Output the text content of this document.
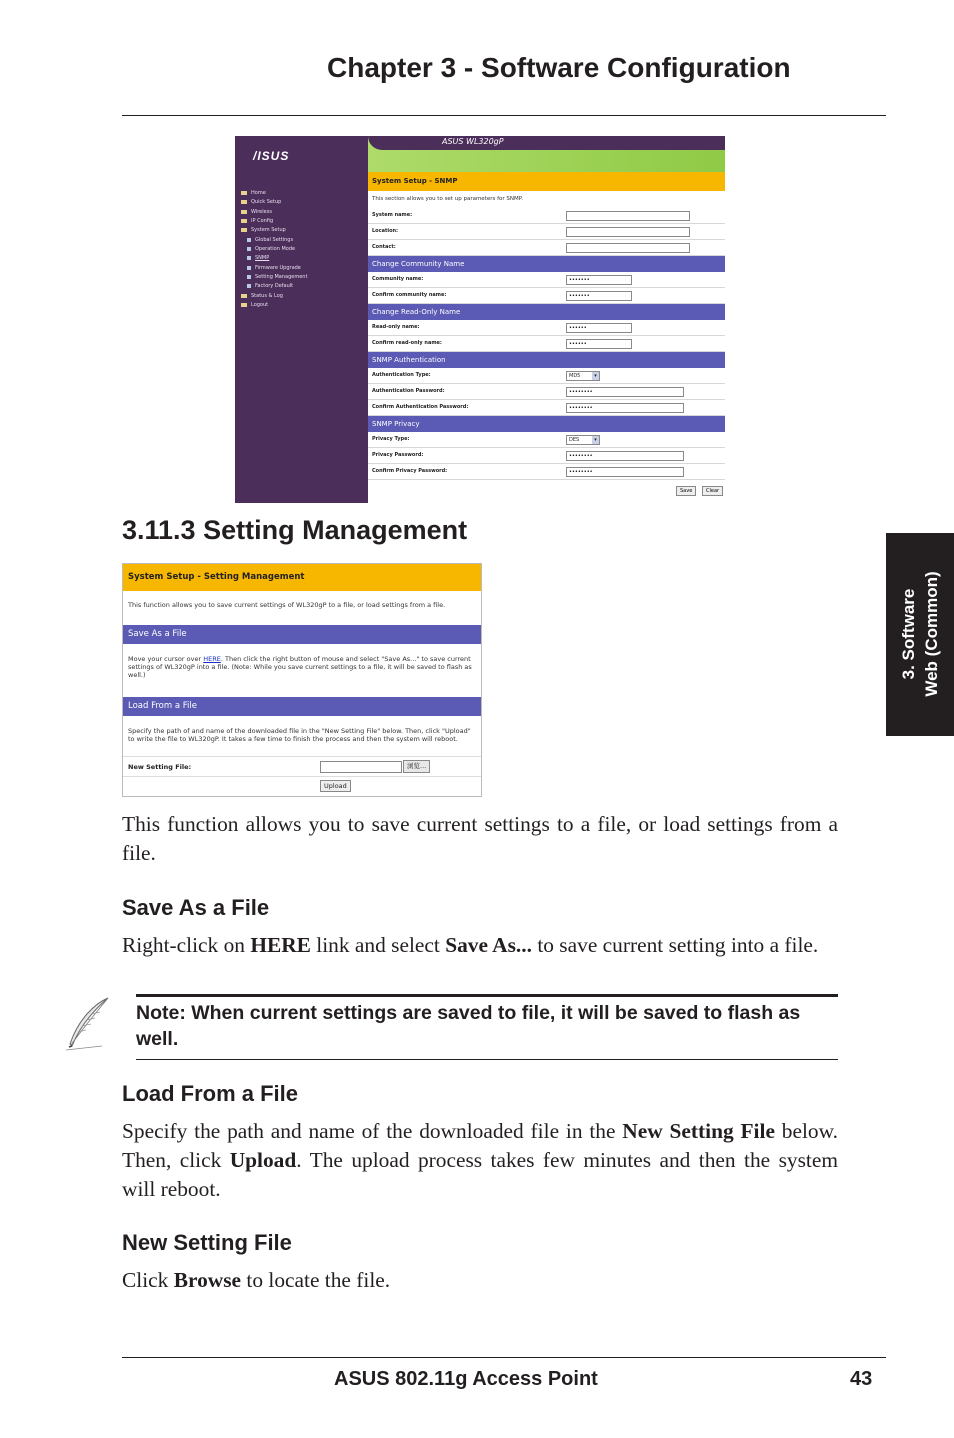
Chapter 3 - Software Configuration
/ISUS
Home
Quick Setup
Wireless
IP Config
System Setup
Global Settings
Operation Mode
SNMP
Firmware Upgrade
Setting Management
Factory Default
Status & Log
Logout
ASUS WL320gP
System Setup - SNMP
This section allows you to set up parameters for SNMP.
System name:
Location:
Contact:
Change Community Name
Community name:	•••••••
Confirm community name:	•••••••
Change Read-Only Name
Read-only name:	••••••
Confirm read-only name:	••••••
SNMP Authentication
Authentication Type:	MD5	▾
Authentication Password:	••••••••
Confirm Authentication Password:	••••••••
SNMP Privacy
Privacy Type:	DES	▾
Privacy Password:	••••••••
Confirm Privacy Password:	••••••••
Save	Clear
3.11.3 Setting Management
System Setup - Setting Management
This function allows you to save current settings of WL320gP to a file, or load settings from a file.
Save As a File
Move your cursor over HERE. Then click the right button of mouse and select "Save As..." to save current settings of WL320gP into a file. (Note: While you save current settings to a file, it will be saved to flash as well.)
Load From a File
Specify the path of and name of the downloaded file in the "New Setting File" below. Then, click "Upload" to write the file to WL320gP. It takes a few time to finish the process and then the system will reboot.
New Setting File:	浏览...
Upload
This function allows you to save current settings to a file, or load settings from a file.
Save As a File
Right-click on HERE link and select Save As... to save current setting into a file.
Note: When current settings are saved to file, it will be saved to flash as well.
Load From a File
Specify the path and name of the downloaded file in the New Setting File below. Then, click Upload. The upload process takes few minutes and then the system will reboot.
New Setting File
Click Browse to locate the file.
3. Software Web (Common)
ASUS 802.11g Access Point	43
